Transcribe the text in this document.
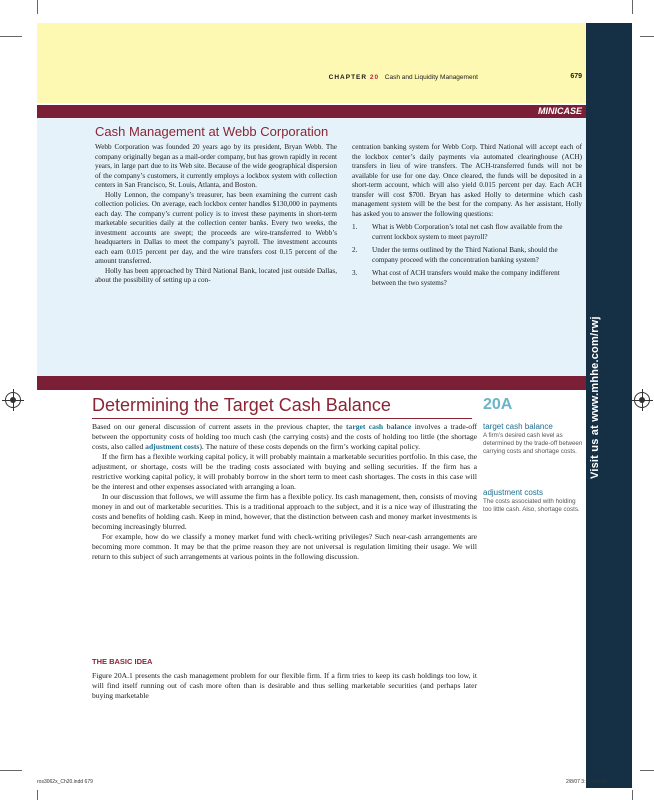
CHAPTER 20 Cash and Liquidity Management	679
Visit us at www.mhhe.com/rwj
MINICASE
Cash Management at Webb Corporation

Webb Corporation was founded 20 years ago by its president, Bryan Webb. The company originally began as a mail-order company, but has grown rapidly in recent years, in large part due to its Web site. Because of the wide geographical dispersion of the company’s customers, it currently employs a lockbox system with collection centers in San Francisco, St. Louis, Atlanta, and Boston.

Holly Lennon, the company’s treasurer, has been examining the current cash collection policies. On average, each lockbox center handles $130,000 in payments each day. The company’s current policy is to invest these payments in short-term marketable securities daily at the collection center banks. Every two weeks, the investment accounts are swept; the proceeds are wire-transferred to Webb’s headquarters in Dallas to meet the company’s payroll. The investment accounts each earn 0.015 percent per day, and the wire transfers cost 0.15 percent of the amount transferred.

Holly has been approached by Third National Bank, located just outside Dallas, about the possibility of setting up a con-

centration banking system for Webb Corp. Third National will accept each of the lockbox center’s daily payments via automated clearinghouse (ACH) transfers in lieu of wire transfers. The ACH-transferred funds will not be available for use for one day. Once cleared, the funds will be deposited in a short-term account, which will also yield 0.015 percent per day. Each ACH transfer will cost $700. Bryan has asked Holly to determine which cash management system will be the best for the company. As her assistant, Holly has asked you to answer the following questions:

1.	What is Webb Corporation’s total net cash flow available from the current lockbox system to meet payroll?
2.	Under the terms outlined by the Third National Bank, should the company proceed with the concentration banking system?
3.	What cost of ACH transfers would make the company indifferent between the two systems?
Determining the Target Cash Balance	20A

Based on our general discussion of current assets in the previous chapter, the target cash balance involves a trade-off between the opportunity costs of holding too much cash (the carrying costs) and the costs of holding too little (the shortage costs, also called adjustment costs). The nature of these costs depends on the firm’s working capital policy.

If the firm has a flexible working capital policy, it will probably maintain a marketable securities portfolio. In this case, the adjustment, or shortage, costs will be the trading costs associated with buying and selling securities. If the firm has a restrictive working capital policy, it will probably borrow in the short term to meet cash shortages. The costs in this case will be the interest and other expenses associated with arranging a loan.

In our discussion that follows, we will assume the firm has a flexible policy. Its cash management, then, consists of moving money in and out of marketable securities. This is a traditional approach to the subject, and it is a nice way of illustrating the costs and benefits of holding cash. Keep in mind, however, that the distinction between cash and money market investments is becoming increasingly blurred.

For example, how do we classify a money market fund with check-writing privileges? Such near-cash arrangements are becoming more common. It may be that the prime reason they are not universal is regulation limiting their usage. We will return to this subject of such arrangements at various points in the following discussion.

THE BASIC IDEA

Figure 20A.1 presents the cash management problem for our flexible firm. If a firm tries to keep its cash holdings too low, it will find itself running out of cash more often than is desirable and thus selling marketable securities (and perhaps later buying marketable

target cash balance
A firm’s desired cash level as determined by the trade-off between carrying costs and shortage costs.
adjustment costs
The costs associated with holding too little cash. Also, shortage costs.
ros3062x_Ch20.indd 679	2/8/07 3:11:40 PM
